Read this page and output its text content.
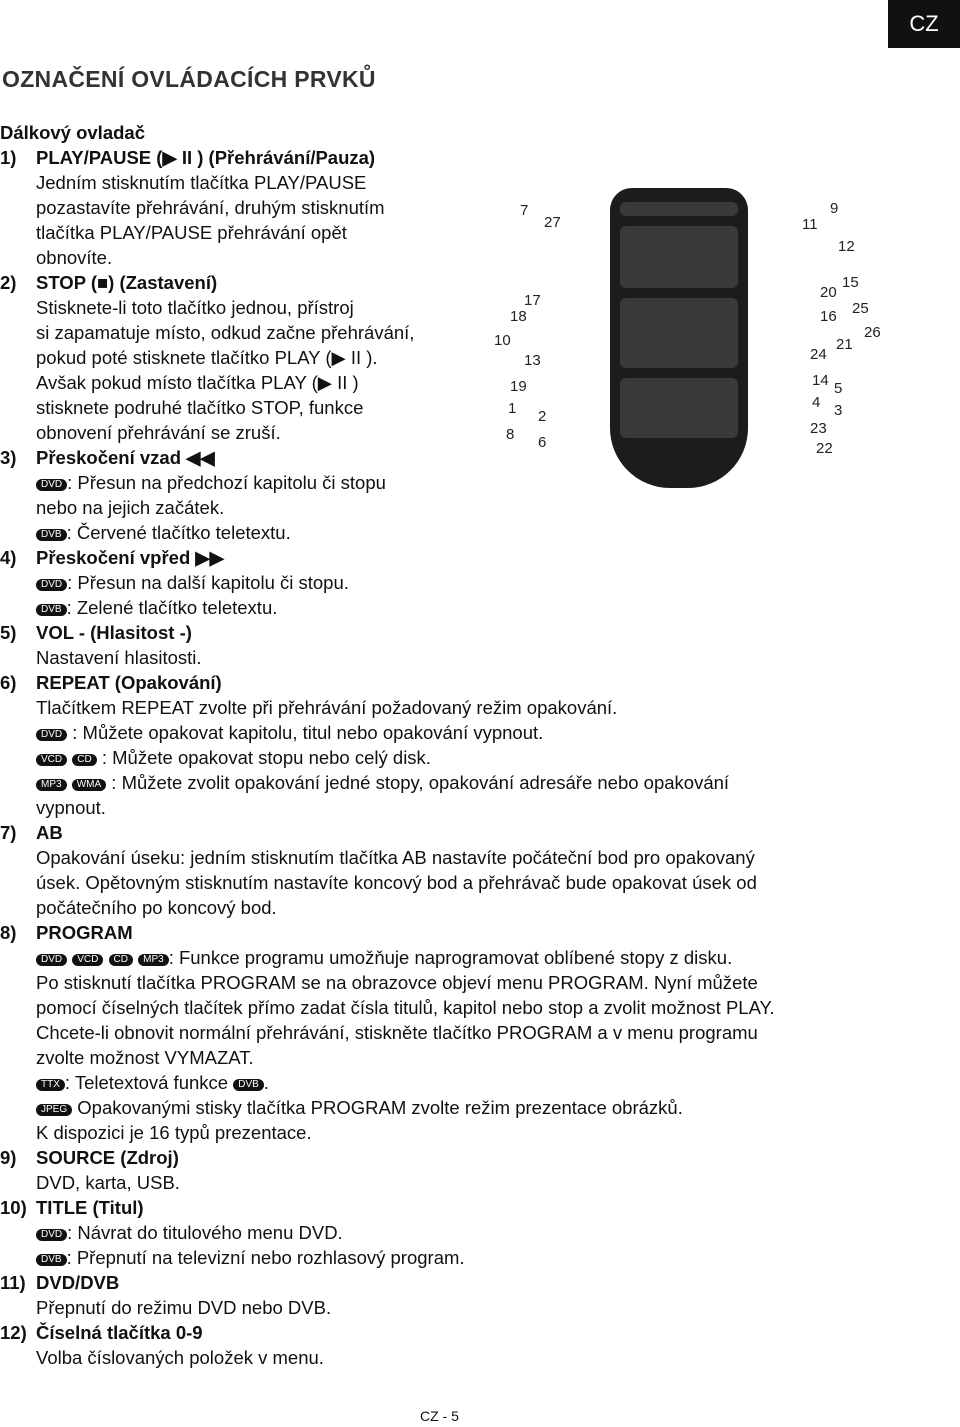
CZ
OZNAČENÍ OVLÁDACÍCH PRVKŮ
Dálkový ovladač
1) PLAY/PAUSE (▶ II ) (Přehrávání/Pauza)
Jedním stisknutím tlačítka PLAY/PAUSE
pozastavíte přehrávání, druhým stisknutím
tlačítka PLAY/PAUSE přehrávání opět
obnovíte.
2) STOP (■) (Zastavení)
Stisknete-li toto tlačítko jednou, přístroj
si zapamatuje místo, odkud začne přehrávání,
pokud poté stisknete tlačítko PLAY (▶ II ).
Avšak pokud místo tlačítka PLAY (▶ II )
stisknete podruhé tlačítko STOP, funkce
obnovení přehrávání se zruší.
3) Přeskočení vzad ◀◀
DVD : Přesun na předchozí kapitolu či stopu
nebo na jejich začátek.
DVB : Červené tlačítko teletextu.
4) Přeskočení vpřed ▶▶
DVD : Přesun na další kapitolu či stopu.
DVB : Zelené tlačítko teletextu.
5) VOL - (Hlasitost -)
Nastavení hlasitosti.
6) REPEAT (Opakování)
Tlačítkem REPEAT zvolte při přehrávání požadovaný režim opakování.
DVD : Můžete opakovat kapitolu, titul nebo opakování vypnout.
VCD CD : Můžete opakovat stopu nebo celý disk.
MP3 WMA : Můžete zvolit opakování jedné stopy, opakování adresáře nebo opakování
vypnout.
7) AB
Opakování úseku: jedním stisknutím tlačítka AB nastavíte počáteční bod pro opakovaný
úsek. Opětovným stisknutím nastavíte koncový bod a přehrávač bude opakovat úsek od
počátečního po koncový bod.
8) PROGRAM
DVD VCD CD MP3 : Funkce programu umožňuje naprogramovat oblíbené stopy z disku.
Po stisknutí tlačítka PROGRAM se na obrazovce objeví menu PROGRAM. Nyní můžete
pomocí číselných tlačítek přímo zadat čísla titulů, kapitol nebo stop a zvolit možnost PLAY.
Chcete-li obnovit normální přehrávání, stiskněte tlačítko PROGRAM a v menu programu
zvolte možnost VYMAZAT.
TTX : Teletextová funkce DVB .
JPEG Opakovanými stisky tlačítka PROGRAM zvolte režim prezentace obrázků.
K dispozici je 16 typů prezentace.
9) SOURCE (Zdroj)
DVD, karta, USB.
10) TITLE (Titul)
DVD : Návrat do titulového menu DVD.
DVB : Přepnutí na televizní nebo rozhlasový program.
11) DVD/DVB
Přepnutí do režimu DVD nebo DVB.
12) Číselná tlačítka 0-9
Volba číslovaných položek v menu.
7
27
9
11
12
17
18
10
13
19
1 2
8 6
20
15
16 25
21
26
24
14 5
4 3
23
22
CZ - 5
